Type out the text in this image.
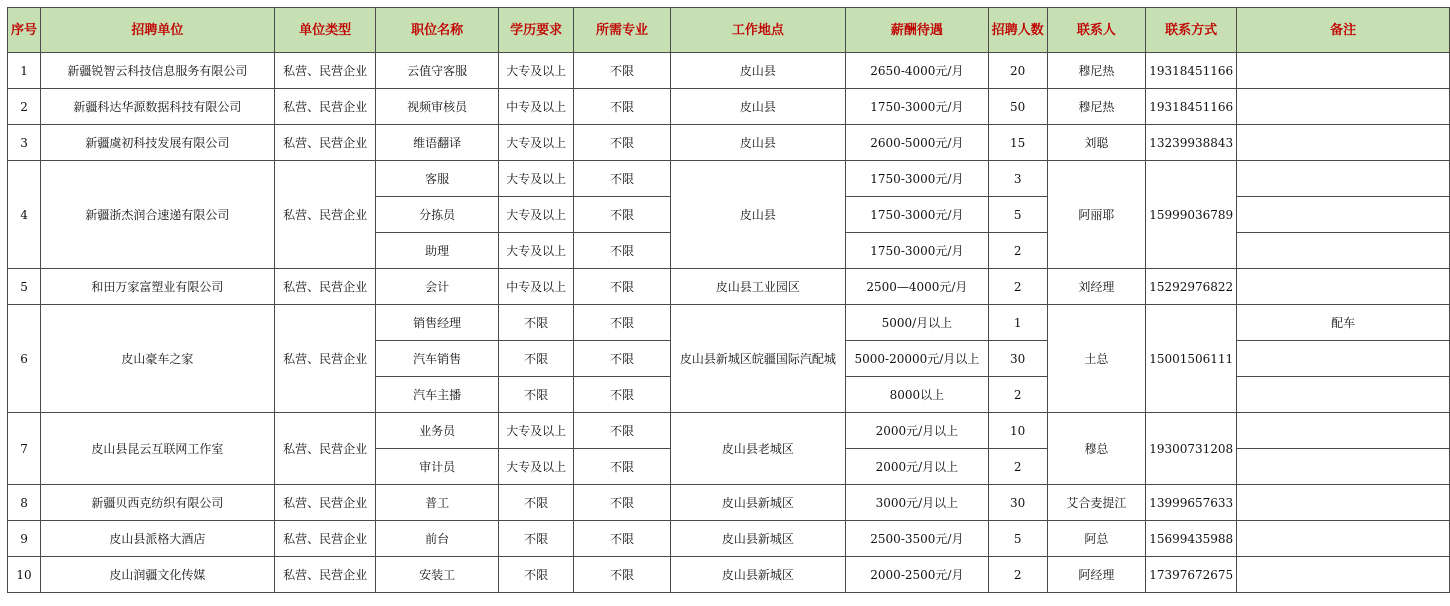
序号	招聘单位	单位类型	职位名称	学历要求	所需专业	工作地点	薪酬待遇	招聘人数	联系人	联系方式	备注
1	新疆锐智云科技信息服务有限公司	私营、民营企业	云值守客服	大专及以上	不限	皮山县	2650-4000元/月	20	穆尼热	19318451166	
2	新疆科达华源数据科技有限公司	私营、民营企业	视频审核员	中专及以上	不限	皮山县	1750-3000元/月	50	穆尼热	19318451166	
3	新疆虞初科技发展有限公司	私营、民营企业	维语翻译	大专及以上	不限	皮山县	2600-5000元/月	15	刘聪	13239938843	
4	新疆浙杰润合速递有限公司	私营、民营企业	客服	大专及以上	不限	皮山县	1750-3000元/月	3	阿丽耶	15999036789	
			分拣员	大专及以上	不限		1750-3000元/月	5			
			助理	大专及以上	不限		1750-3000元/月	2			
5	和田万家富塑业有限公司	私营、民营企业	会计	中专及以上	不限	皮山县工业园区	2500—4000元/月	2	刘经理	15292976822	
6	皮山豪车之家	私营、民营企业	销售经理	不限	不限	皮山县新城区皖疆国际汽配城	5000/月以上	1	土总	15001506111	配车
			汽车销售	不限	不限		5000-20000元/月以上	30			
			汽车主播	不限	不限		8000以上	2			
7	皮山县昆云互联网工作室	私营、民营企业	业务员	大专及以上	不限	皮山县老城区	2000元/月以上	10	穆总	19300731208	
			审计员	大专及以上	不限		2000元/月以上	2			
8	新疆贝西克纺织有限公司	私营、民营企业	普工	不限	不限	皮山县新城区	3000元/月以上	30	艾合麦提江	13999657633	
9	皮山县派格大酒店	私营、民营企业	前台	不限	不限	皮山县新城区	2500-3500元/月	5	阿总	15699435988	
10	皮山润疆文化传媒	私营、民营企业	安装工	不限	不限	皮山县新城区	2000-2500元/月	2	阿经理	17397672675	
